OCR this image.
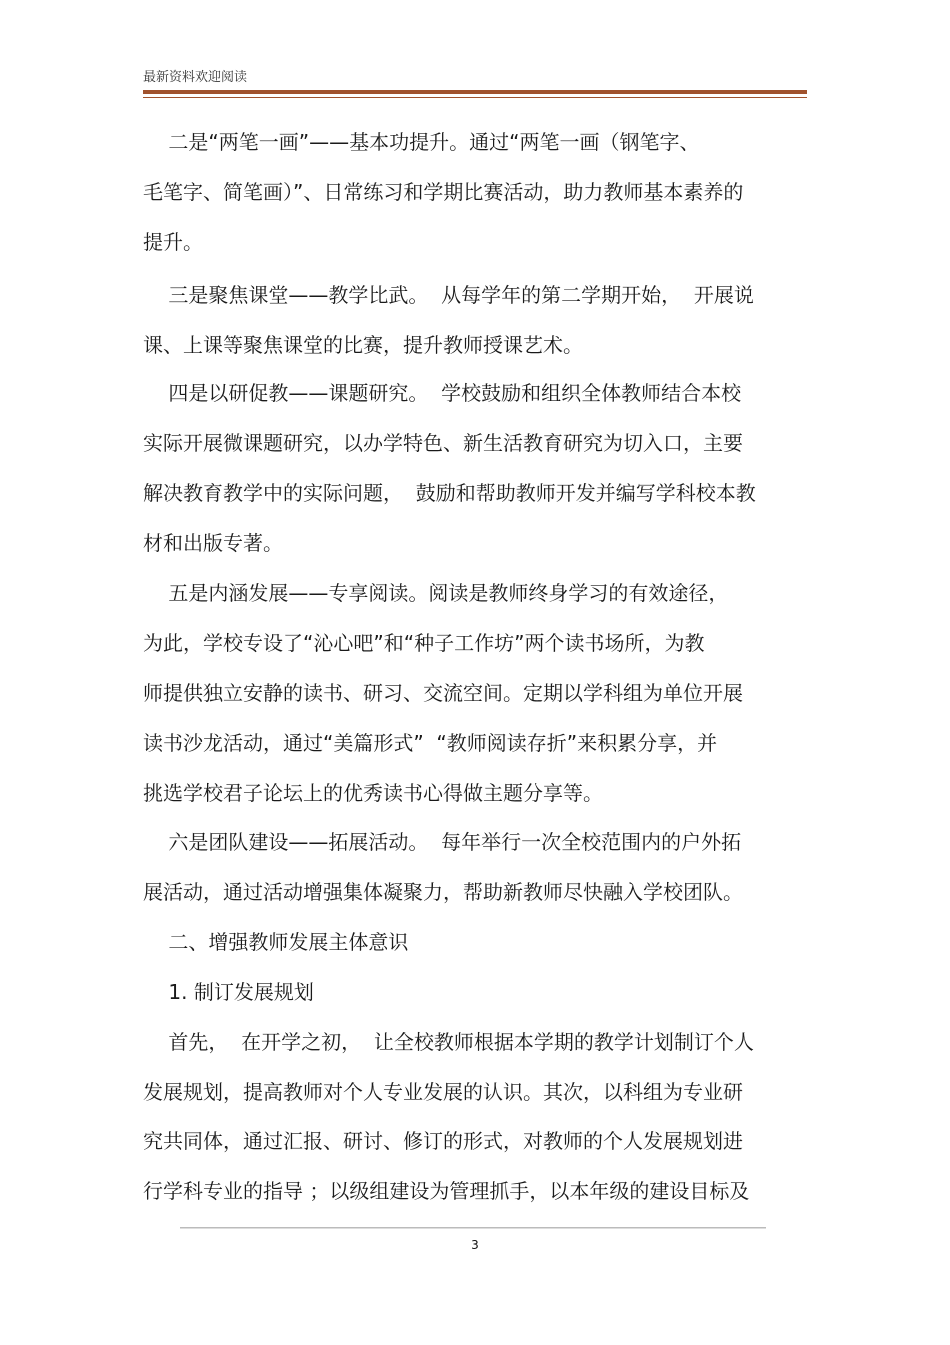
最新资料欢迎阅读
二是“两笔一画”——基本功提升。通过“两笔一画（钢笔字、
毛笔字、简笔画）”、日常练习和学期比赛活动，助力教师基本素养的
提升。
三是聚焦课堂——教学比武。  从每学年的第二学期开始，  开展说
课、上课等聚焦课堂的比赛，提升教师授课艺术。
四是以研促教——课题研究。  学校鼓励和组织全体教师结合本校
实际开展微课题研究，以办学特色、新生活教育研究为切入口，主要
解决教育教学中的实际问题，  鼓励和帮助教师开发并编写学科校本教
材和出版专著。
五是内涵发展——专享阅读。阅读是教师终身学习的有效途径，
为此，学校专设了“沁心吧”和“种子工作坊”两个读书场所，为教
师提供独立安静的读书、研习、交流空间。定期以学科组为单位开展
读书沙龙活动，通过“美篇形式”  “教师阅读存折”来积累分享，并
挑选学校君子论坛上的优秀读书心得做主题分享等。
六是团队建设——拓展活动。  每年举行一次全校范围内的户外拓
展活动，通过活动增强集体凝聚力，帮助新教师尽快融入学校团队。
二、增强教师发展主体意识
1. 制订发展规划
首先，  在开学之初，  让全校教师根据本学期的教学计划制订个人
发展规划，提高教师对个人专业发展的认识。其次，以科组为专业研
究共同体，通过汇报、研讨、修订的形式，对教师的个人发展规划进
行学科专业的指导 ；以级组建设为管理抓手，以本年级的建设目标及
3
